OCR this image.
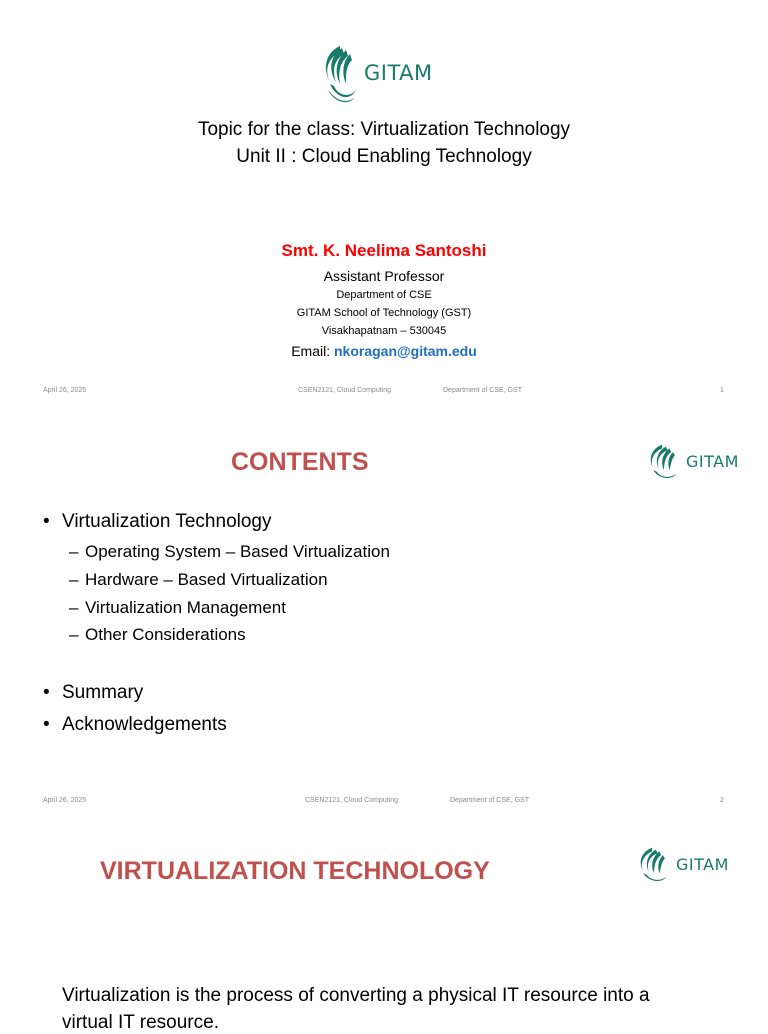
GITAM
Topic for the class: Virtualization Technology
Unit II : Cloud Enabling Technology
Smt. K. Neelima Santoshi
Assistant Professor
Department of CSE
GITAM School of Technology (GST)
Visakhapatnam – 530045
Email: nkoragan@gitam.edu
April 26, 2025	CSEN2121, Cloud Computing	Department of CSE, GST	1
CONTENTS	GITAM
• Virtualization Technology
– Operating System – Based Virtualization
– Hardware – Based Virtualization
– Virtualization Management
– Other Considerations
• Summary
• Acknowledgements
April 26, 2025	CSEN2121, Cloud Computing	Department of CSE, GST	2
VIRTUALIZATION TECHNOLOGY	GITAM
Virtualization is the process of converting a physical IT resource into a
virtual IT resource.
